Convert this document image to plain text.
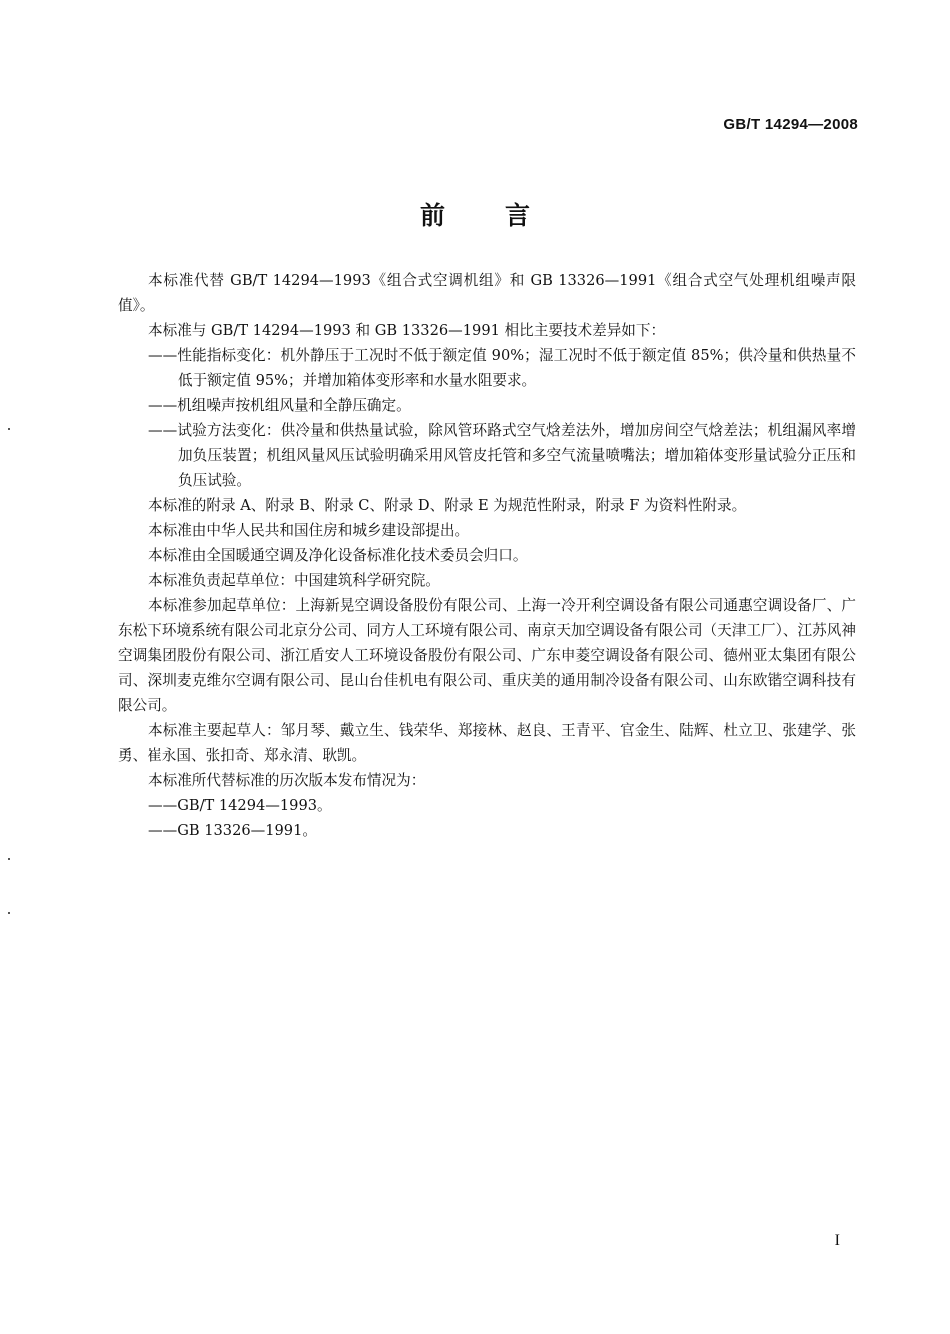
GB/T 14294—2008
前言

本标准代替 GB/T 14294—1993《组合式空调机组》和 GB 13326—1991《组合式空气处理机组噪声限值》。

本标准与 GB/T 14294—1993 和 GB 13326—1991 相比主要技术差异如下：

——性能指标变化：机外静压于工况时不低于额定值 90%；湿工况时不低于额定值 85%；供冷量和供热量不低于额定值 95%；并增加箱体变形率和水量水阻要求。

——机组噪声按机组风量和全静压确定。

——试验方法变化：供冷量和供热量试验，除风管环路式空气焓差法外，增加房间空气焓差法；机组漏风率增加负压装置；机组风量风压试验明确采用风管皮托管和多空气流量喷嘴法；增加箱体变形量试验分正压和负压试验。

本标准的附录 A、附录 B、附录 C、附录 D、附录 E 为规范性附录，附录 F 为资料性附录。

本标准由中华人民共和国住房和城乡建设部提出。

本标准由全国暖通空调及净化设备标准化技术委员会归口。

本标准负责起草单位：中国建筑科学研究院。

本标准参加起草单位：上海新晃空调设备股份有限公司、上海一冷开利空调设备有限公司通惠空调设备厂、广东松下环境系统有限公司北京分公司、同方人工环境有限公司、南京天加空调设备有限公司（天津工厂）、江苏风神空调集团股份有限公司、浙江盾安人工环境设备股份有限公司、广东申菱空调设备有限公司、德州亚太集团有限公司、深圳麦克维尔空调有限公司、昆山台佳机电有限公司、重庆美的通用制冷设备有限公司、山东欧锴空调科技有限公司。

本标准主要起草人：邹月琴、戴立生、钱荣华、郑接林、赵良、王青平、官金生、陆辉、杜立卫、张建学、张勇、崔永国、张扣奇、郑永清、耿凯。

本标准所代替标准的历次版本发布情况为：

——GB/T 14294—1993。

——GB 13326—1991。

I
